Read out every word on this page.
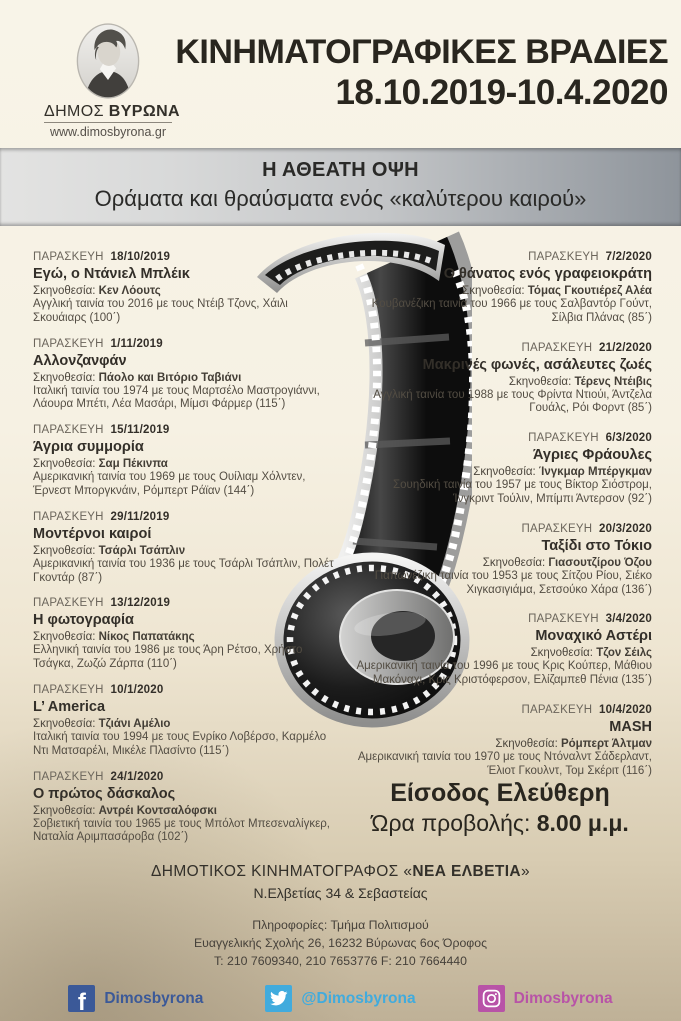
ΔΗΜΟΣ ΒΥΡΩΝΑ
www.dimosbyrona.gr
ΚΙΝΗΜΑΤΟΓΡΑΦΙΚΕΣ ΒΡΑΔΙΕΣ
18.10.2019-10.4.2020
Η ΑΘΕΑΤΗ ΟΨΗ
Οράματα και θραύσματα ενός «καλύτερου καιρού»
ΠΑΡΑΣΚΕΥΗ 18/10/2019
Εγώ, ο Ντάνιελ Μπλέικ
Σκηνοθεσία: Κεν Λόουτς
Αγγλική ταινία του 2016 με τους Ντέιβ Τζονς, Χάιλι Σκουάιαρς (100΄)
ΠΑΡΑΣΚΕΥΗ 1/11/2019
Αλλονζανφάν
Σκηνοθεσία: Πάολο και Βιτόριο Ταβιάνι
Ιταλική ταινία του 1974 με τους Μαρτσέλο Μαστρογιάννι, Λάουρα Μπέτι, Λέα Μασάρι, Μίμσι Φάρμερ (115΄)
ΠΑΡΑΣΚΕΥΗ 15/11/2019
Άγρια συμμορία
Σκηνοθεσία: Σαμ Πέκινπα
Αμερικανική ταινία του 1969 με τους Ουίλιαμ Χόλντεν, Έρνεστ Μποργκνάιν, Ρόμπερτ Ράϊαν (144΄)
ΠΑΡΑΣΚΕΥΗ 29/11/2019
Μοντέρνοι καιροί
Σκηνοθεσία: Τσάρλι Τσάπλιν
Αμερικανική ταινία του 1936 με τους Τσάρλι Τσάπλιν, Πολέτ Γκοντάρ (87΄)
ΠΑΡΑΣΚΕΥΗ 13/12/2019
Η φωτογραφία
Σκηνοθεσία: Νίκος Παπατάκης
Ελληνική ταινία του 1986 με τους Άρη Ρέτσο, Χρήστο Τσάγκα, Ζωζώ Ζάρπα (110΄)
ΠΑΡΑΣΚΕΥΗ 10/1/2020
L’ America
Σκηνοθεσία: Τζιάνι Αμέλιο
Ιταλική ταινία του 1994 με τους Ενρίκο Λοβέρσο, Καρμέλο Ντι Ματσαρέλι, Μικέλε Πλασίντο (115΄)
ΠΑΡΑΣΚΕΥΗ 24/1/2020
Ο πρώτος δάσκαλος
Σκηνοθεσία: Αντρέι Κοντσαλόφσκι
Σοβιετική ταινία του 1965 με τους Μπόλοτ Μπεσεναλίγκερ, Ναταλία Αριμπασάροβα (102΄)
ΠΑΡΑΣΚΕΥΗ 7/2/2020
Ο θάνατος ενός γραφειοκράτη
Σκηνοθεσία: Τόμας Γκουτιέρεζ Αλέα
Κουβανέζικη ταινία του 1966 με τους Σαλβαντόρ Γούντ, Σίλβια Πλάνας (85΄)
ΠΑΡΑΣΚΕΥΗ 21/2/2020
Μακρινές φωνές, ασάλευτες ζωές
Σκηνοθεσία: Τέρενς Ντέιβις
Αγγλική ταινία του 1988 με τους Φρίντα Ντιούι, Άντζελα Γουάλς, Ρόι Φορντ (85΄)
ΠΑΡΑΣΚΕΥΗ 6/3/2020
Άγριες Φράουλες
Σκηνοθεσία: Ίνγκμαρ Μπέργκμαν
Σουηδική ταινία του 1957 με τους Βίκτορ Σιόστρομ, Ίνγκριντ Τούλιν, Μπίμπι Άντερσον (92΄)
ΠΑΡΑΣΚΕΥΗ 20/3/2020
Ταξίδι στο Τόκιο
Σκηνοθεσία: Γιασουτζίρου Όζου
Γιαπωνέζικη ταινία του 1953 με τους Σίτζου Ρίου, Σιέκο Χιγκασιγιάμα, Σετσούκο Χάρα (136΄)
ΠΑΡΑΣΚΕΥΗ 3/4/2020
Μοναχικό Αστέρι
Σκηνοθεσία: Τζον Σέιλς
Αμερικανική ταινία του 1996 με τους Κρις Κούπερ, Μάθιου Μακόναχι, Κρις Κριστόφερσον, Ελίζαμπεθ Πένια (135΄)
ΠΑΡΑΣΚΕΥΗ 10/4/2020
MASH
Σκηνοθεσία: Ρόμπερτ Άλτμαν
Αμερικανική ταινία του 1970 με τους Ντόναλντ Σάδερλαντ, Έλιοτ Γκουλντ, Τομ Σκέριτ (116΄)
Είσοδος Ελεύθερη
Ώρα προβολής: 8.00 μ.μ.
ΔΗΜΟΤΙΚΟΣ ΚΙΝΗΜΑΤΟΓΡΑΦΟΣ «ΝΕΑ ΕΛΒΕΤΙΑ»
Ν.Ελβετίας 34 & Σεβαστείας
Πληροφορίες: Τμήμα Πολιτισμού
Ευαγγελικής Σχολής 26, 16232 Βύρωνας 6ος Όροφος
Τ: 210 7609340, 210 7653776 F: 210 7664440
f	Dimosbyrona	@Dimosbyrona	Dimosbyrona
